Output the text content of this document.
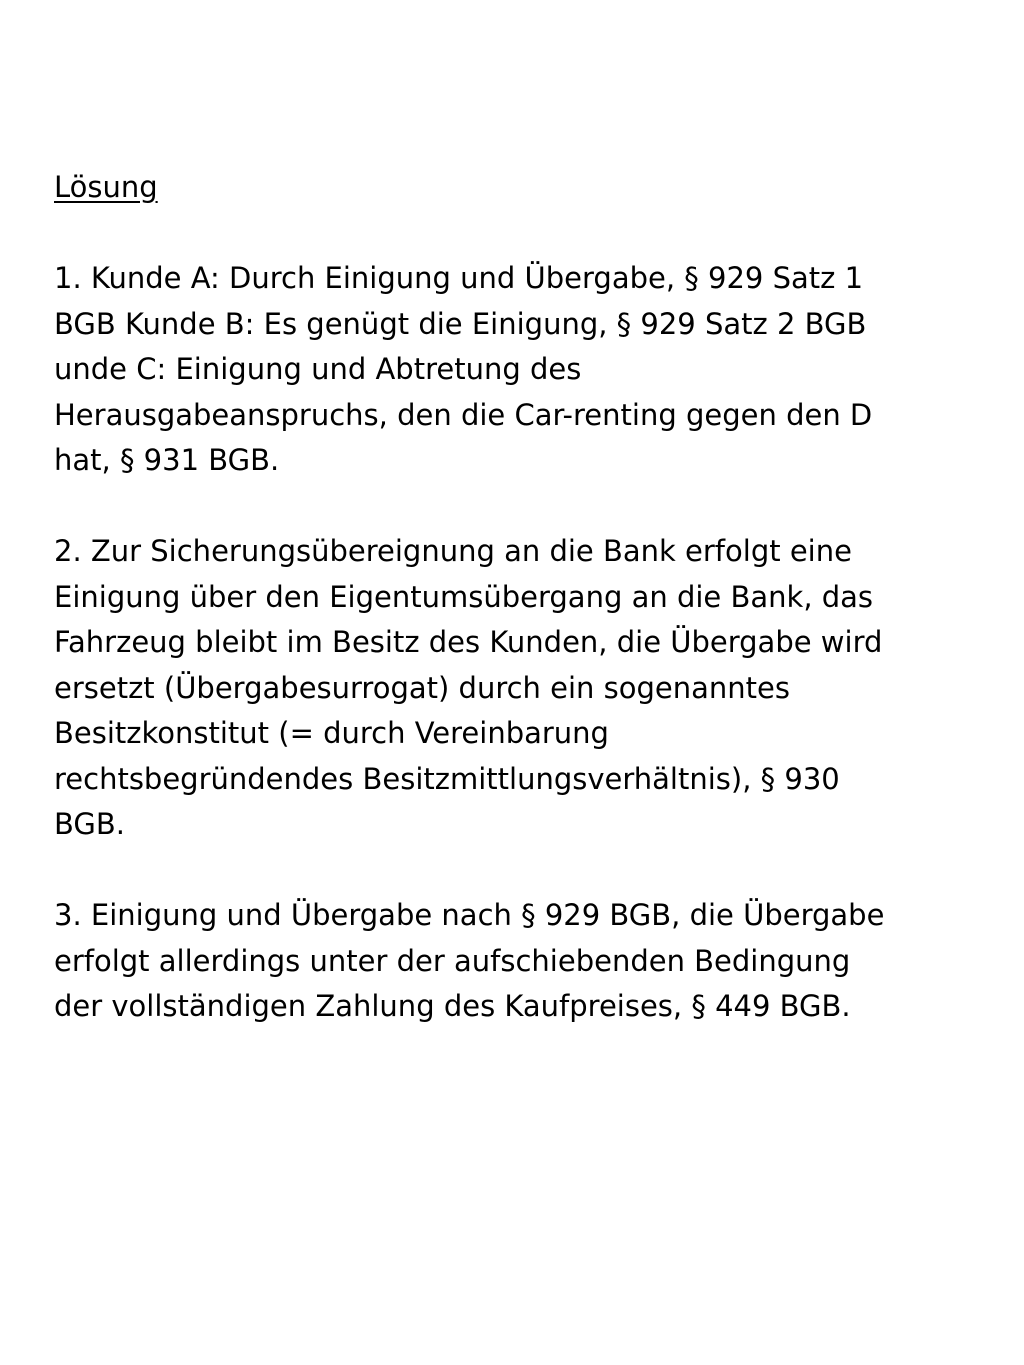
Lösung
1. Kunde A: Durch Einigung und Übergabe, § 929 Satz 1
BGB Kunde B: Es genügt die Einigung, § 929 Satz 2 BGB
unde C: Einigung und Abtretung des
Herausgabeanspruchs, den die Car-renting gegen den D
hat, § 931 BGB.
2. Zur Sicherungsübereignung an die Bank erfolgt eine
Einigung über den Eigentumsübergang an die Bank, das
Fahrzeug bleibt im Besitz des Kunden, die Übergabe wird
ersetzt (Übergabesurrogat) durch ein sogenanntes
Besitzkonstitut (= durch Vereinbarung
rechtsbegründendes Besitzmittlungsverhältnis), § 930
BGB.
3. Einigung und Übergabe nach § 929 BGB, die Übergabe
erfolgt allerdings unter der aufschiebenden Bedingung
der vollständigen Zahlung des Kaufpreises, § 449 BGB.
